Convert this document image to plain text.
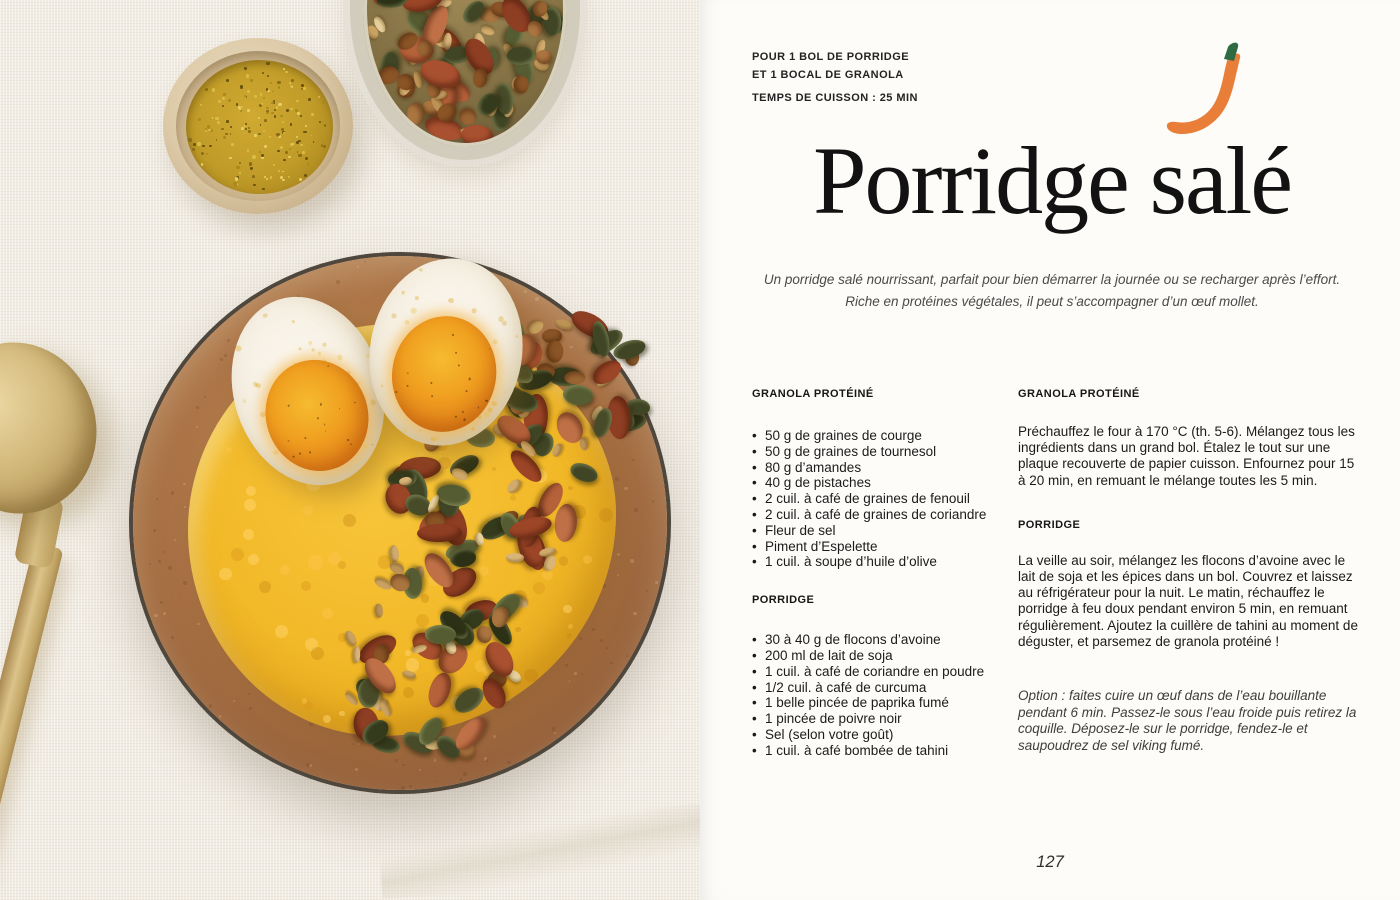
POUR 1 BOL DE PORRIDGE
ET 1 BOCAL DE GRANOLA
TEMPS DE CUISSON : 25 MIN
Porridge salé

Un porridge salé nourrissant, parfait pour bien démarrer la journée ou se recharger après l’effort.

Riche en protéines végétales, il peut s’accompagner d’un œuf mollet.

GRANOLA PROTÉINÉ
• 50 g de graines de courge
• 50 g de graines de tournesol
• 80 g d’amandes
• 40 g de pistaches
• 2 cuil. à café de graines de fenouil
• 2 cuil. à café de graines de coriandre
• Fleur de sel
• Piment d’Espelette
• 1 cuil. à soupe d’huile d’olive
PORRIDGE
• 30 à 40 g de flocons d’avoine
• 200 ml de lait de soja
• 1 cuil. à café de coriandre en poudre
• 1/2 cuil. à café de curcuma
• 1 belle pincée de paprika fumé
• 1 pincée de poivre noir
• Sel (selon votre goût)
• 1 cuil. à café bombée de tahini
GRANOLA PROTÉINÉ

Préchauffez le four à 170 °C (th. 5-6). Mélangez tous les ingrédients dans un grand bol. Étalez le tout sur une plaque recouverte de papier cuisson. Enfournez pour 15 à 20 min, en remuant le mélange toutes les 5 min.

PORRIDGE

La veille au soir, mélangez les flocons d’avoine avec le lait de soja et les épices dans un bol. Couvrez et laissez au réfrigérateur pour la nuit. Le matin, réchauffez le porridge à feu doux pendant environ 5 min, en remuant régulièrement. Ajoutez la cuillère de tahini au moment de déguster, et parsemez de granola protéiné !

Option : faites cuire un œuf dans de l’eau bouillante pendant 6 min. Passez-le sous l’eau froide puis retirez la coquille. Déposez-le sur le porridge, fendez-le et saupoudrez de sel viking fumé.

127
